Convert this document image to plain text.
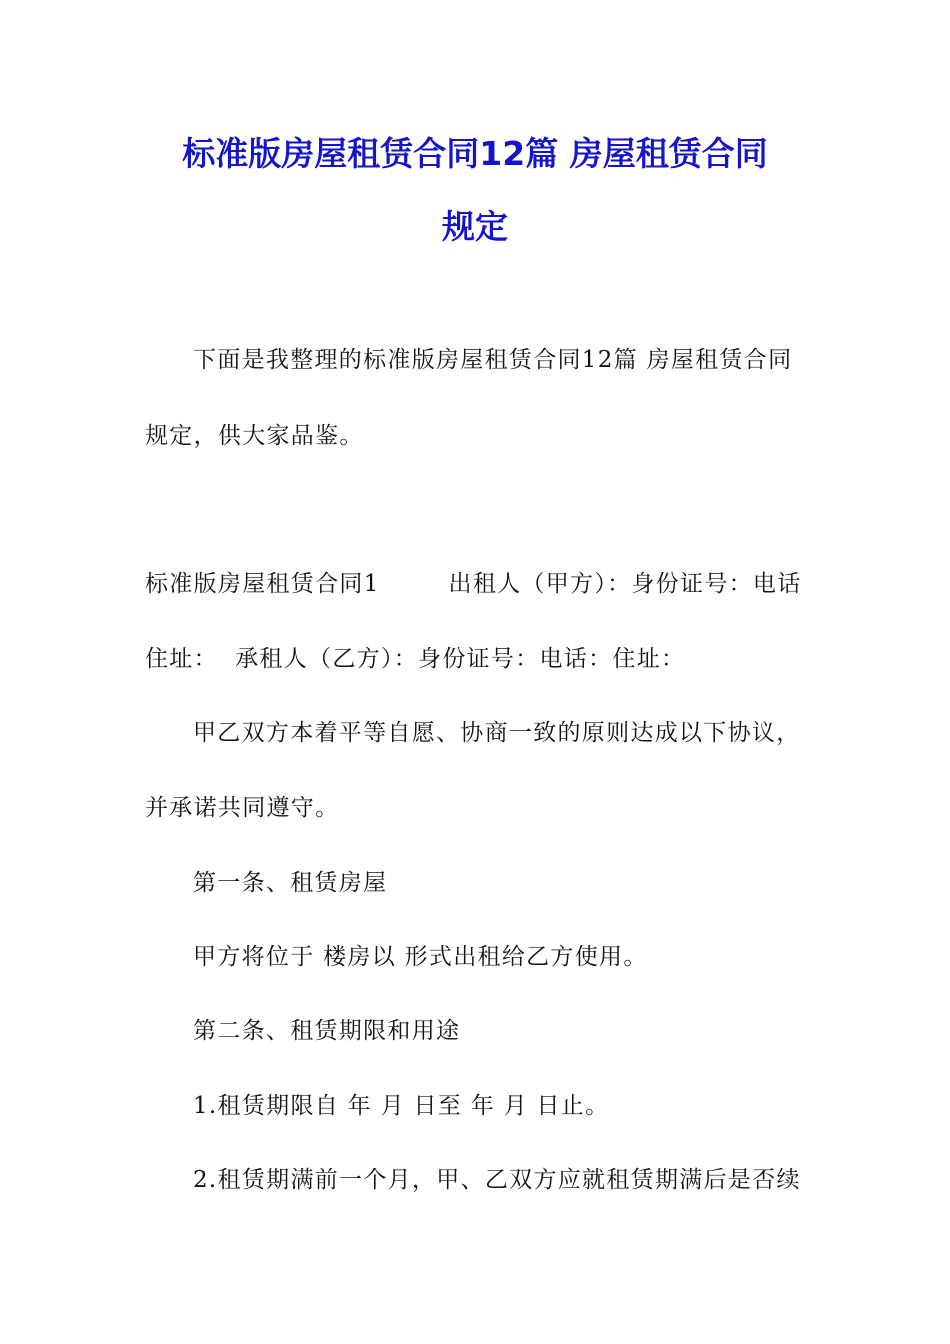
标准版房屋租赁合同12篇 房屋租赁合同
规定
下面是我整理的标准版房屋租赁合同12篇 房屋租赁合同
规定，供大家品鉴。
标准版房屋租赁合同1        出租人（甲方）：身份证号：电话
住址：  承租人（乙方）：身份证号：电话：住址：
甲乙双方本着平等自愿、协商一致的原则达成以下协议，
并承诺共同遵守。
第一条、租赁房屋
甲方将位于 楼房以 形式出租给乙方使用。
第二条、租赁期限和用途
1.租赁期限自 年 月 日至 年 月 日止。
2.租赁期满前一个月，甲、乙双方应就租赁期满后是否续
